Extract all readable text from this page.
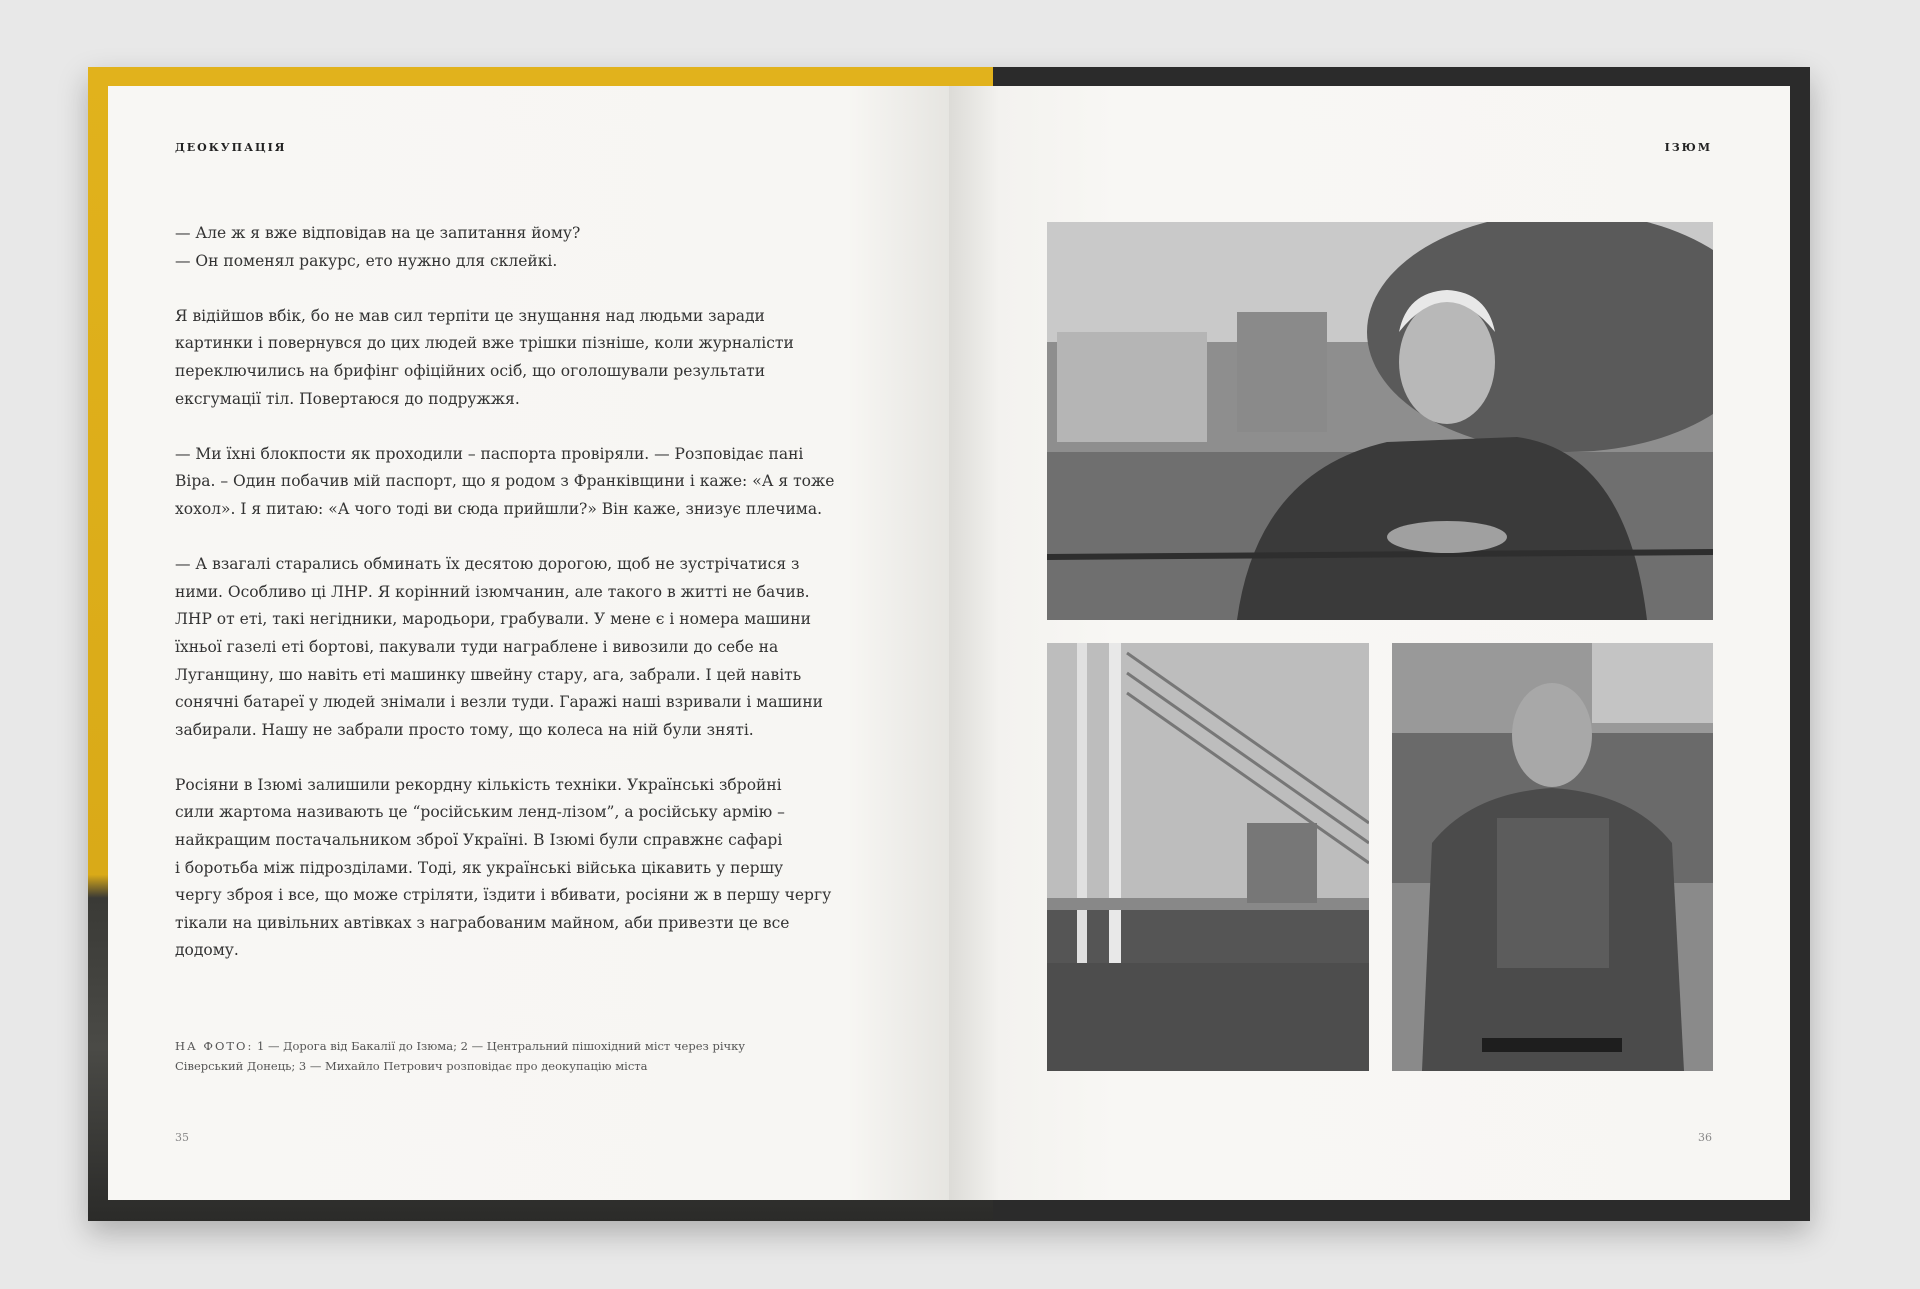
ДЕОКУПАЦІЯ	ІЗЮМ
— Але ж я вже відповідав на це запитання йому?
— Он поменял ракурс, ето нужно для склейкі.
Я відійшов вбік, бо не мав сил терпіти це знущання над людьми заради
картинки і повернувся до цих людей вже трішки пізніше, коли журналісти
переключились на брифінг офіційних осіб, що оголошували результати
ексгумації тіл. Повертаюся до подружжя.
— Ми їхні блокпости як проходили – паспорта провіряли. — Розповідає пані
Віра. – Один побачив мій паспорт, що я родом з Франківщини і каже: «А я тоже
хохол». І я питаю: «А чого тоді ви сюда прийшли?» Він каже, знизує плечима.
— А взагалі старались обминать їх десятою дорогою, щоб не зустрічатися з
ними. Особливо ці ЛНР. Я корінний ізюмчанин, але такого в житті не бачив.
ЛНР от еті, такі негідники, мародьори, грабували. У мене є і номера машини
їхньої газелі еті бортові, пакували туди награблене і вивозили до себе на
Луганщину, шо навіть еті машинку швейну стару, ага, забрали. І цей навіть
сонячні батареї у людей знімали і везли туди. Гаражі наші взривали і машини
забирали. Нашу не забрали просто тому, що колеса на ній були зняті.
Росіяни в Ізюмі залишили рекордну кількість техніки. Українські збройні
сили жартома називають це “російським ленд-лізом”, а російську армію –
найкращим постачальником зброї Україні. В Ізюмі були справжнє сафарі
і боротьба між підрозділами. Тоді, як українські війська цікавить у першу
чергу зброя і все, що може стріляти, їздити і вбивати, росіяни ж в першу чергу
тікали на цивільних автівках з награбованим майном, аби привезти це все
додому.
НА ФОТО: 1 — Дорога від Бакалії до Ізюма; 2 — Центральний пішохідний міст через річку
Сіверський Донець; 3 — Михайло Петрович розповідає про деокупацію міста
35	36
